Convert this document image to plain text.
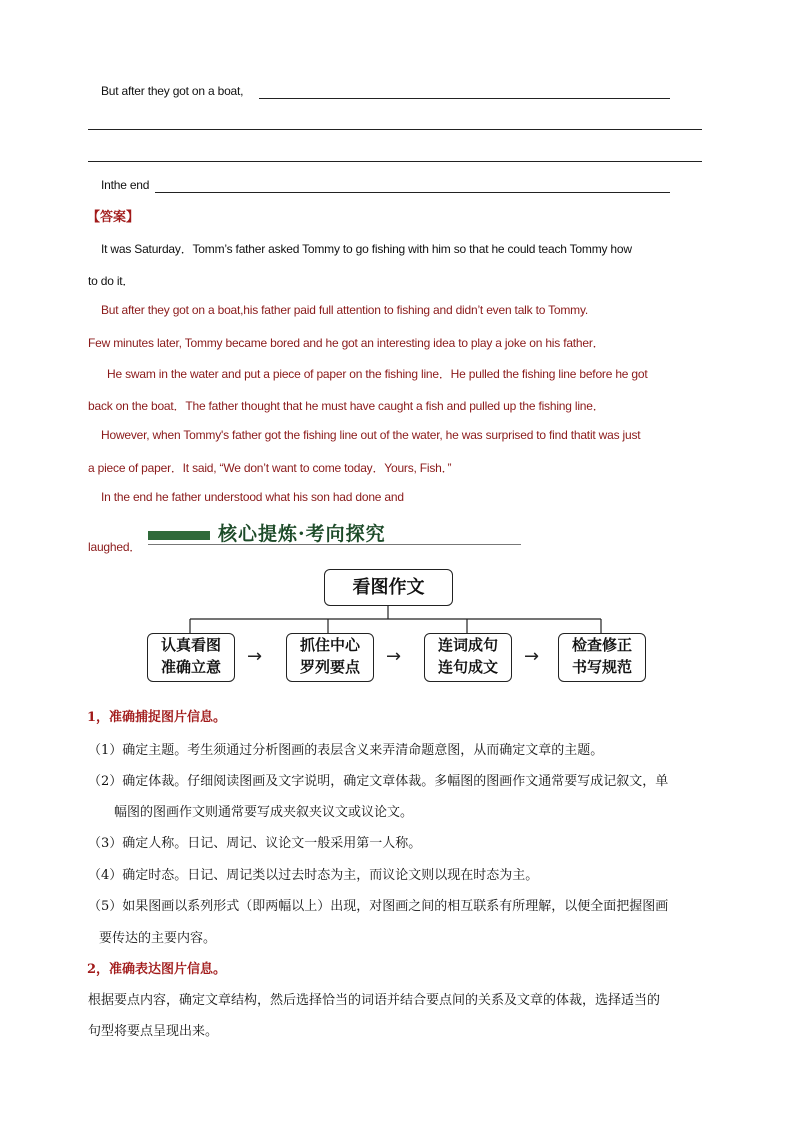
But after they got on a boat,
Inthe end
【答案】
It was Saturday．Tomm’s father asked Tommy to go fishing with him so that he could teach Tommy how
to do it．
But after they got on a boat,his father paid full attention to fishing and didn’t even talk to Tommy.
Few minutes later, Tommy became bored and he got an interesting idea to play a joke on his father．
He swam in the water and put a piece of paper on the fishing line．He pulled the fishing line before he got
back on the boat．The father thought that he must have caught a fish and pulled up the fishing line．
However, when Tommy's father got the fishing line out of the water, he was surprised to find thatit was just
a piece of paper．It said, “We don’t want to come today．Yours, Fish．”
In the end he father understood what his son had done and
laughed．
核心提炼·考向探究
看图作文
认真看图
准确立意	→
抓住中心
罗列要点	→
连词成句
连句成文	→
检查修正
书写规范
1，准确捕捉图片信息。
（1）确定主题。考生须通过分析图画的表层含义来弄清命题意图，从而确定文章的主题。
（2）确定体裁。仔细阅读图画及文字说明，确定文章体裁。多幅图的图画作文通常要写成记叙文，单
幅图的图画作文则通常要写成夹叙夹议文或议论文。
（3）确定人称。日记、周记、议论文一般采用第一人称。
（4）确定时态。日记、周记类以过去时态为主，而议论文则以现在时态为主。
（5）如果图画以系列形式（即两幅以上）出现，对图画之间的相互联系有所理解，以便全面把握图画
要传达的主要内容。
2，准确表达图片信息。
根据要点内容，确定文章结构，然后选择恰当的词语并结合要点间的关系及文章的体裁，选择适当的
句型将要点呈现出来。
